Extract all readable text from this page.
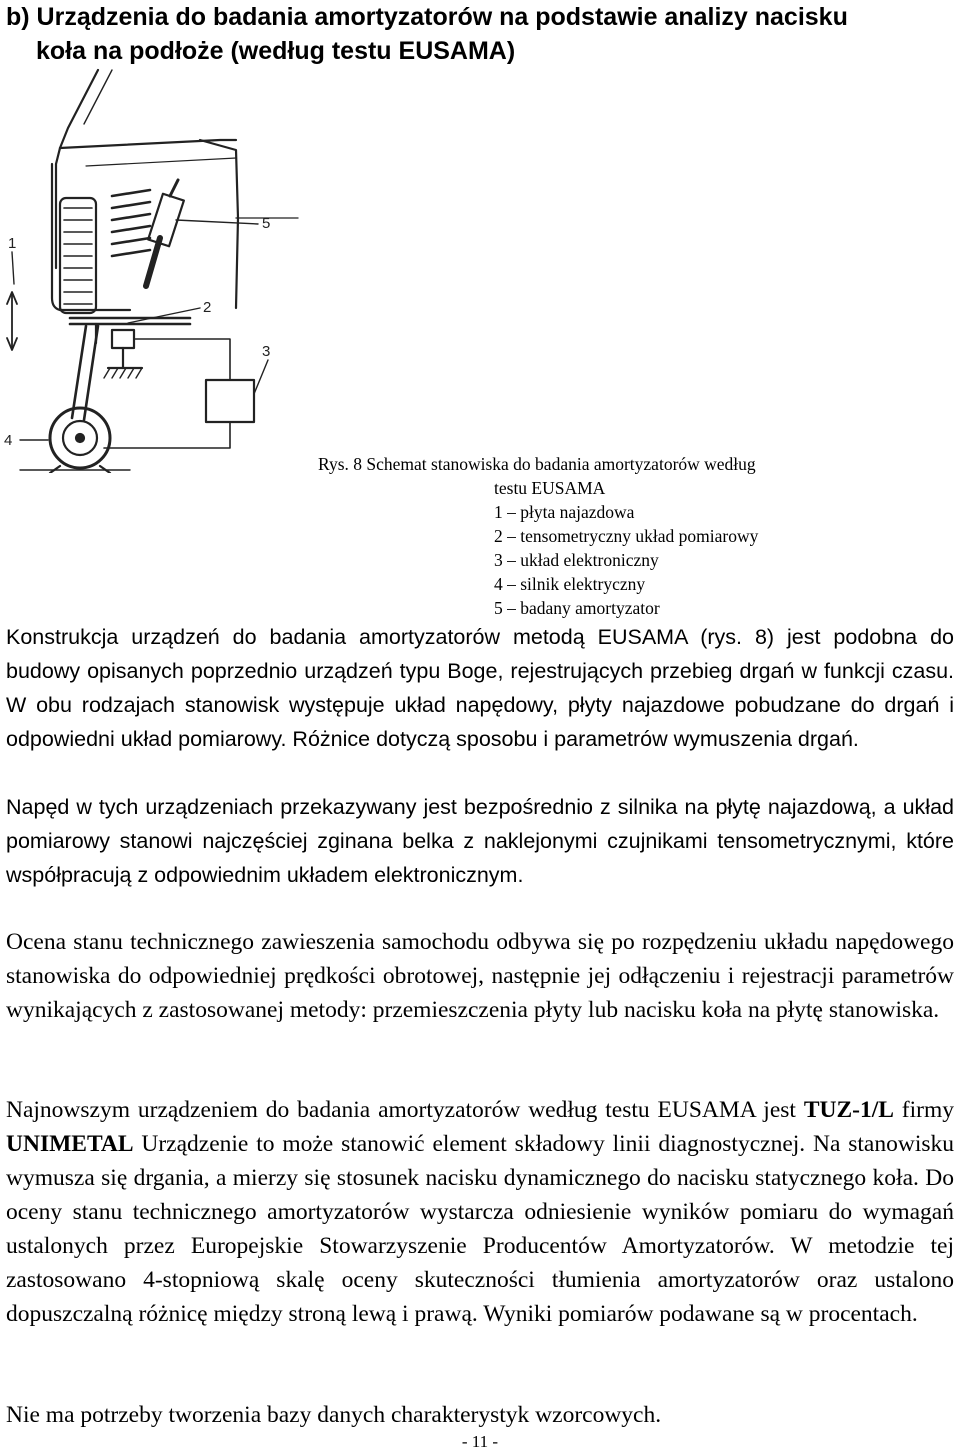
b) Urządzenia do badania amortyzatorów na podstawie analizy nacisku
koła na podłoże (według testu EUSAMA)
1
2
3
4
5
Rys. 8 Schemat stanowiska do badania amortyzatorów według
testu EUSAMA
1 – płyta najazdowa
2 – tensometryczny układ pomiarowy
3 – układ elektroniczny
4 – silnik elektryczny
5 – badany amortyzator

Konstrukcja urządzeń do badania amortyzatorów metodą EUSAMA (rys. 8) jest podobna do budowy opisanych poprzednio urządzeń typu Boge, rejestrujących przebieg drgań w funkcji czasu. W obu rodzajach stanowisk występuje układ napędowy, płyty najazdowe pobudzane do drgań i odpowiedni układ pomiarowy. Różnice dotyczą sposobu i parametrów wymuszenia drgań.

Napęd w tych urządzeniach przekazywany jest bezpośrednio z silnika na płytę najazdową, a układ pomiarowy stanowi najczęściej zginana belka z naklejonymi czujnikami tensometrycznymi, które współpracują z odpowiednim układem elektronicznym.

Ocena stanu technicznego zawieszenia samochodu odbywa się po rozpędzeniu układu napędowego stanowiska do odpowiedniej prędkości obrotowej, następnie jej odłączeniu i rejestracji parametrów wynikających z zastosowanej metody: przemieszczenia płyty lub nacisku koła na płytę stanowiska.

Najnowszym urządzeniem do badania amortyzatorów według testu EUSAMA jest TUZ-1/L firmy UNIMETAL Urządzenie to może stanowić element składowy linii diagnostycznej. Na stanowisku wymusza się drgania, a mierzy się stosunek nacisku dynamicznego do nacisku statycznego koła. Do oceny stanu technicznego amortyzatorów wystarcza odniesienie wyników pomiaru do wymagań ustalonych przez Europejskie Stowarzyszenie Producentów Amortyzatorów. W metodzie tej zastosowano 4-stopniową skalę oceny skuteczności tłumienia amortyzatorów oraz ustalono dopuszczalną różnicę między stroną lewą i prawą. Wyniki pomiarów podawane są w procentach.

Nie ma potrzeby tworzenia bazy danych charakterystyk wzorcowych.

- 11 -
